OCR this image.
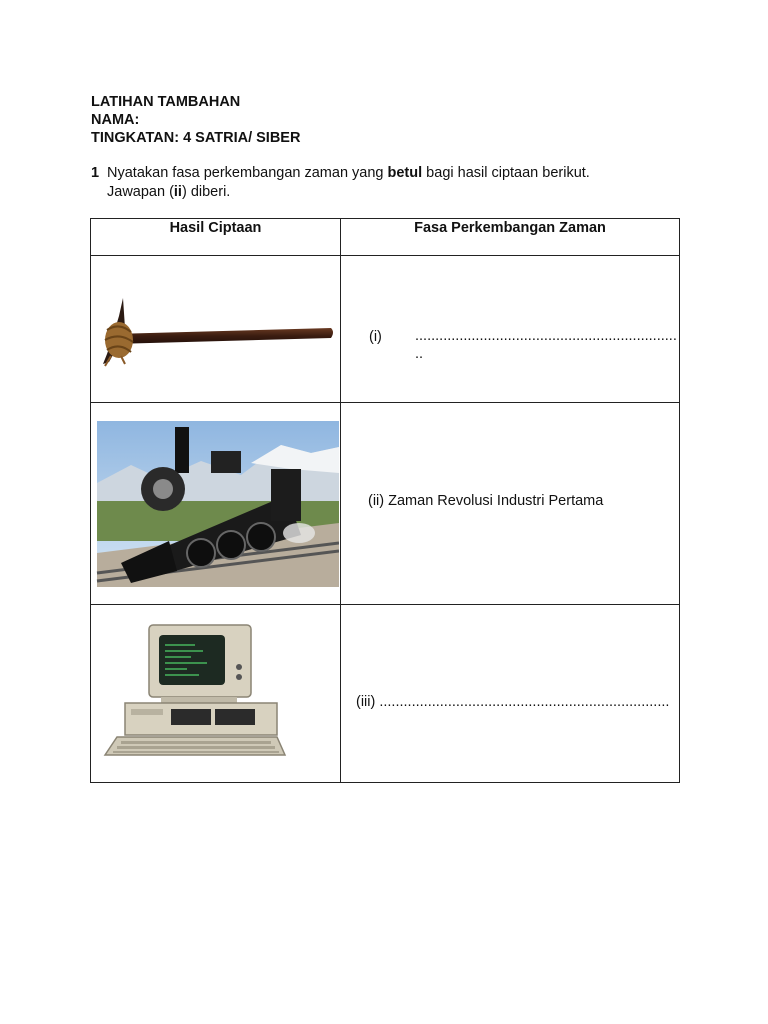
LATIHAN TAMBAHAN
NAMA:
TINGKATAN: 4 SATRIA/ SIBER
1 Nyatakan fasa perkembangan zaman yang betul bagi hasil ciptaan berikut.
Jawapan (ii) diberi.
Hasil Ciptaan	Fasa Perkembangan Zaman

(i) .................................................................
..

(ii) Zaman Revolusi Industri Pertama

(iii) ........................................................................
